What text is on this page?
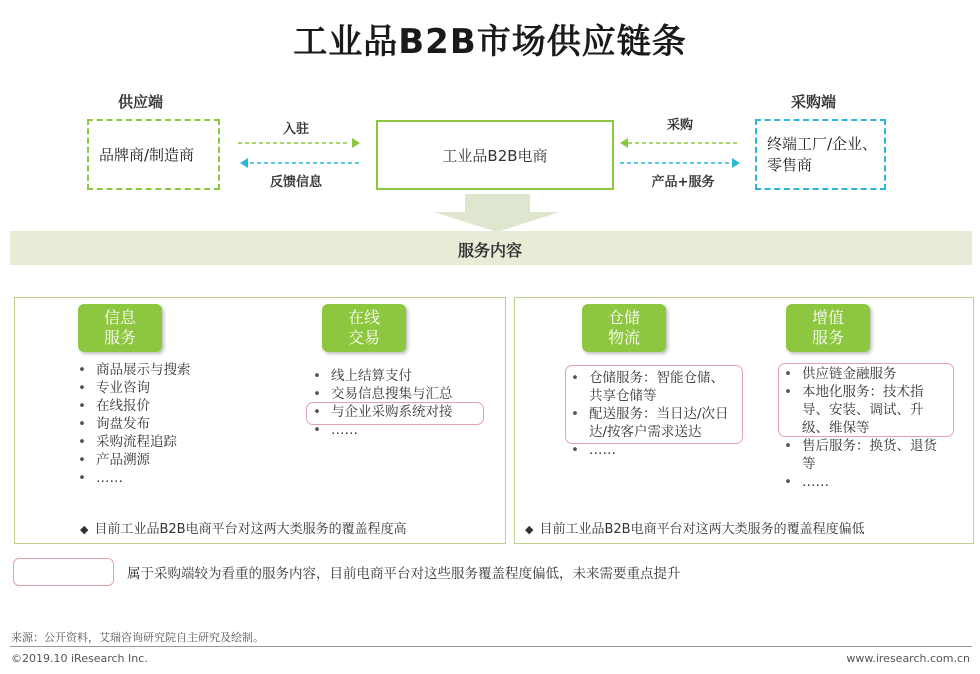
工业品B2B市场供应链条
供应端
品牌商/制造商
采购端
终端工厂/企业、
零售商
工业品B2B电商
入驻
反馈信息
采购
产品+服务
服务内容
信息
服务
• 商品展示与搜索
• 专业咨询
• 在线报价
• 询盘发布
• 采购流程追踪
• 产品溯源
• ……
在线
交易
• 线上结算支付
• 交易信息搜集与汇总
• 与企业采购系统对接
• ……
◆ 目前工业品B2B电商平台对这两大类服务的覆盖程度高
仓储
物流
• 仓储服务：智能仓储、共享仓储等
• 配送服务：当日达/次日达/按客户需求送达
• ……
增值
服务
• 供应链金融服务
• 本地化服务：技术指导、安装、调试、升级、维保等
• 售后服务：换货、退货等
• ……
◆ 目前工业品B2B电商平台对这两大类服务的覆盖程度偏低
属于采购端较为看重的服务内容，目前电商平台对这些服务覆盖程度偏低，未来需要重点提升
来源：公开资料，艾瑞咨询研究院自主研究及绘制。
©2019.10 iResearch Inc.	www.iresearch.com.cn
